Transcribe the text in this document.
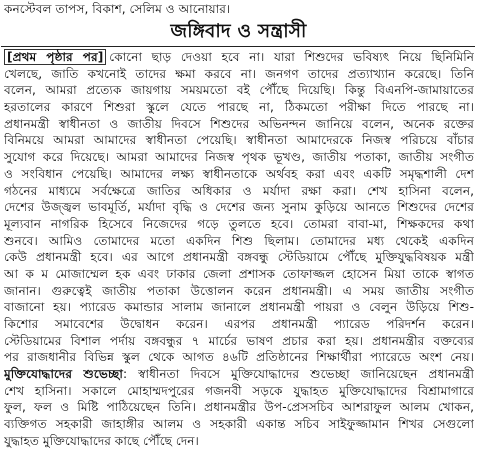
কনস্টেবল তাপস, বিকাশ, সেলিম ও আনোয়ার।
জঙ্গিবাদ ও সন্ত্রাসী
[প্রথম পৃষ্ঠার পর] কোনো ছাড় দেওয়া হবে না। যারা শিশুদের ভবিষ্যৎ নিয়ে ছিনিমিনি
খেলছে, জাতি কখনোই তাদের ক্ষমা করবে না। জনগণ তাদের প্রত্যাখ্যান করেছে। তিনি
বলেন, আমরা প্রত্যেক জায়গায় সময়মতো বই পৌঁছে দিয়েছি। কিন্তু বিএনপি-জামায়াতের
হরতালের কারণে শিশুরা স্কুলে যেতে পারছে না, ঠিকমতো পরীক্ষা দিতে পারছে না।
প্রধানমন্ত্রী স্বাধীনতা ও জাতীয় দিবসে শিশুদের অভিনন্দন জানিয়ে বলেন, অনেক রক্তের
বিনিময়ে আমরা আমাদের স্বাধীনতা পেয়েছি। স্বাধীনতা আমাদেরকে নিজস্ব পরিচয়ে বাঁচার
সুযোগ করে দিয়েছে। আমরা আমাদের নিজস্ব পৃথক ভূখণ্ড, জাতীয় পতাকা, জাতীয় সংগীত
ও সংবিধান পেয়েছি। আমাদের লক্ষ্য স্বাধীনতাকে অর্থবহ করা এবং একটি সমৃদ্ধশালী দেশ
গঠনের মাধ্যমে সর্বক্ষেত্রে জাতির অধিকার ও মর্যাদা রক্ষা করা। শেখ হাসিনা বলেন,
দেশের উজ্জ্বল ভাবমূর্তি, মর্যাদা বৃদ্ধি ও দেশের জন্য সুনাম কুড়িয়ে আনতে শিশুদের দেশের
মূল্যবান নাগরিক হিসেবে নিজেদের গড়ে তুলতে হবে। তোমরা বাবা-মা, শিক্ষকদের কথা
শুনবে। আমিও তোমাদের মতো একদিন শিশু ছিলাম। তোমাদের মধ্য থেকেই একদিন
কেউ প্রধানমন্ত্রী হবে। এর আগে প্রধানমন্ত্রী বঙ্গবন্ধু স্টেডিয়ামে পৌঁছে মুক্তিযুদ্ধবিষয়ক মন্ত্রী
আ ক ম মোজাম্মেল হক এবং ঢাকার জেলা প্রশাসক তোফাজ্জল হোসেন মিয়া তাকে স্বাগত
জানান। গুরুত্বেই জাতীয় পতাকা উত্তোলন করেন প্রধানমন্ত্রী। এ সময় জাতীয় সংগীত
বাজানো হয়। প্যারেড কমান্ডার সালাম জানালে প্রধানমন্ত্রী পায়রা ও বেলুন উড়িয়ে শিশু-
কিশোর সমাবেশের উদ্বোধন করেন। এরপর প্রধানমন্ত্রী প্যারেড পরিদর্শন করেন।
স্টেডিয়ামের বিশাল পর্দায় বঙ্গবন্ধুর ৭ মার্চের ভাষণ প্রচার করা হয়। প্রধানমন্ত্রীর বক্তব্যের
পর রাজধানীর বিভিন্ন স্কুল থেকে আগত ৪৬টি প্রতিষ্ঠানের শিক্ষার্থীরা প্যারেডে অংশ নেয়।
মুক্তিযোদ্ধাদের শুভেচ্ছা: স্বাধীনতা দিবসে মুক্তিযোদ্ধাদের শুভেচ্ছা জানিয়েছেন প্রধানমন্ত্রী
শেখ হাসিনা। সকালে মোহাম্মদপুরের গজনবী সড়কে যুদ্ধাহত মুক্তিযোদ্ধাদের বিশ্রামাগারে
ফুল, ফল ও মিষ্টি পাঠিয়েছেন তিনি। প্রধানমন্ত্রীর উপ-প্রেসসচিব আশরাফুল আলম খোকন,
ব্যক্তিগত সহকারী জাহাঙ্গীর আলম ও সহকারী একান্ত সচিব সাইফুজ্জামান শিখর সেগুলো
যুদ্ধাহত মুক্তিযোদ্ধাদের কাছে পৌঁছে দেন।
